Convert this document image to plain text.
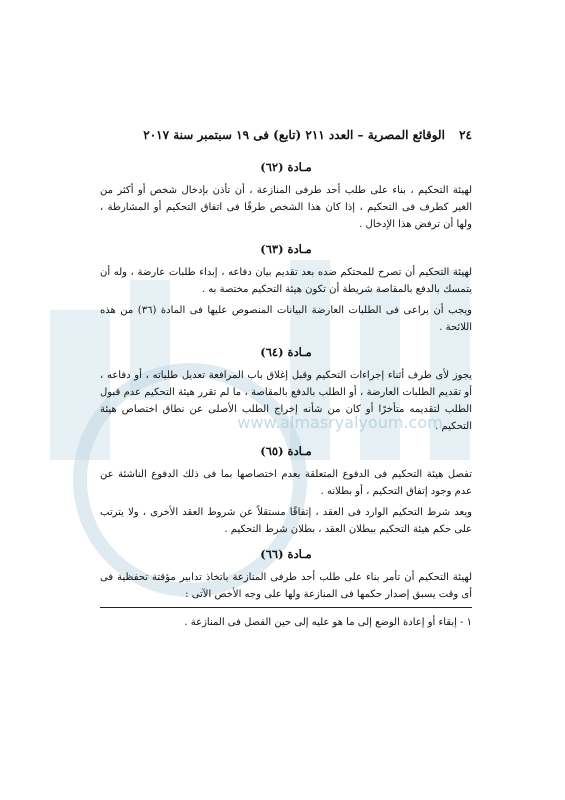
www.almasryalyoum.com
٢٤ الوقائع المصرية – العدد ٢١١ (تابع) فى ١٩ سبتمبر سنة ٢٠١٧
مـادة (٦٢)

لهيئة التحكيم ، بناء على طلب أحد طرفى المنازعة ، أن تأذن بإدخال شخص أو أكثر من الغير كطرف فى التحكيم ، إذا كان هذا الشخص طرفًا فى اتفاق التحكيم أو المشارطة ، ولها أن ترفض هذا الإدخال .

مـادة (٦٣)

لهيئة التحكيم أن تصرح للمحتكم ضده بعد تقديم بيان دفاعه ، إبداء طلبات عارضة ، وله أن يتمسك بالدفع بالمقاصة شريطة أن تكون هيئة التحكيم مختصة به .

ويجب أن يراعى فى الطلبات العارضة البيانات المنصوص عليها فى المادة (٣٦) من هذه اللائحة .

مـادة (٦٤)

يجوز لأى طرف أثناء إجراءات التحكيم وقبل إغلاق باب المرافعة تعديل طلباته ، أو دفاعه ، أو تقديم الطلبات العارضة ، أو الطلب بالدفع بالمقاصة ، ما لم تقرر هيئة التحكيم عدم قبول الطلب لتقديمه متأخرًا أو كان من شأنه إخراج الطلب الأصلى عن نطاق اختصاص هيئة التحكيم .

مـادة (٦٥)

تفصل هيئة التحكيم فى الدفوع المتعلقة بعدم اختصاصها بما فى ذلك الدفوع الناشئة عن عدم وجود إتفاق التحكيم ، أو بطلانه .

ويعد شرط التحكيم الوارد فى العقد ، إتفاقًا مستقلاً عن شروط العقد الأخرى ، ولا يترتب على حكم هيئة التحكيم ببطلان العقد ، بطلان شرط التحكيم .

مـادة (٦٦)

لهيئة التحكيم أن تأمر بناء على طلب أحد طرفى المنازعة باتخاذ تدابير مؤقتة تحفظية فى أى وقت يسبق إصدار حكمها فى المنازعة ولها على وجه الأخص الآتى :

١ - إبقاء أو إعادة الوضع إلى ما هو عليه إلى حين الفصل فى المنازعة .
